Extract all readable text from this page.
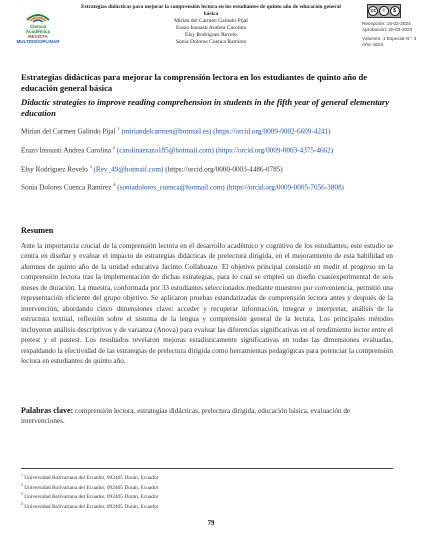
Ciencia
Académica
REVISTA
MULTIDISCIPLINAR
Estrategias didácticas para mejorar la comprensión lectora en los estudiantes de quinto año de educación general básica
Mirian del Carmen Galindo Pijal
Erazo Insuasti Andrea Carolina
Elsy Rodríguez Revelo
Sonia Dolores Cuenca Ramírez
cc	i	$
Recepción: 15-02-2024
Aprobación: 20-03-2024
Volumen: 1 Especial N°: 4
Año: 2024
Estrategias didácticas para mejorar la comprensión lectora en los estudiantes de quinto año de educación general básica
Didactic strategies to improve reading comprehension in students in the fifth year of general elementary education
Mirian del Carmen Galindo Pijal $^1$ (miriandelcarmen@hotmail.es) (https://orcid.org/0009-0002-6609-4241)
Erazo Insuasti Andrea Carolina $^2$ (carolinaerazo185@hotmail.com) (https://orcid.org/0009-0003-4375-4662)
Elsy Rodríguez Revelo $^3$ (Rev_49@hotmail.com) (https://orcid.org/0000-0003-4486-0785)
Sonia Dolores Cuenca Ramírez $^4$ (soniadolores_cuenca@hotmail.com) (https://orcid.org/0009-0005-7656-3808)
Resumen
Ante la importancia crucial de la comprensión lectora en el desarrollo académico y cognitivo de los estudiantes, este estudio se centra en diseñar y evaluar el impacto de estrategias didácticas de prelectura dirigida, en el mejoramiento de esta habilidad en alumnos de quinto año de la unidad educativa Jacinto Collahuazo. El objetivo principal consistió en medir el progreso en la comprensión lectora tras la implementación de dichas estrategias, para lo cual se empleó un diseño cuasiexperimental de seis meses de duración. La muestra, conformada por 33 estudiantes seleccionados mediante muestreo por conveniencia, permitió una representación eficiente del grupo objetivo. Se aplicaron pruebas estandarizadas de comprensión lectora antes y después de la intervención, abordando cinco dimensiones clave: acceder y recuperar información, integrar e interpretar, análisis de la estructura textual, reflexión sobre el sistema de la lengua y comprensión general de la lectura. Los principales métodos incluyeron análisis descriptivos y de varianza (Anova) para evaluar las diferencias significativas en el rendimiento lector entre el pretest y el postest. Los resultados revelaron mejoras estadísticamente significativas en todas las dimensiones evaluadas, respaldando la efectividad de las estrategias de prelectura dirigida como herramientas pedagógicas para potenciar la comprensión lectora en estudiantes de quinto año.
Palabras clave: comprensión lectora, estrategias didácticas, prelectura dirigida, educación básica, evaluación de intervenciones.
$^1$ Universidad Bolivariana del Ecuador, 092405 Durán, Ecuador
$^2$ Universidad Bolivariana del Ecuador, 092405 Durán, Ecuador
$^3$ Universidad Bolivariana del Ecuador, 092405 Durán, Ecuador
$^4$ Universidad Bolivariana del Ecuador, 092405 Durán, Ecuador
79
